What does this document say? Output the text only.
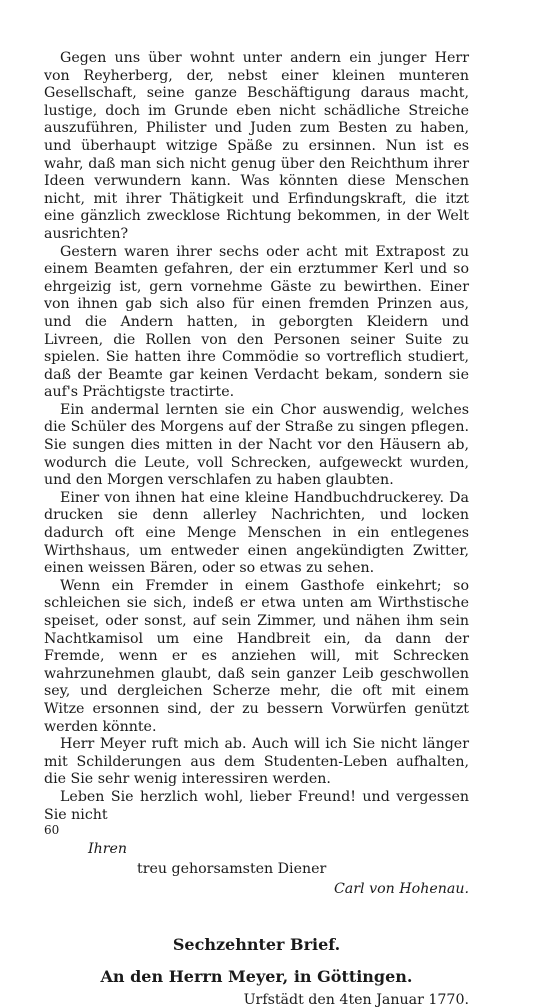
Gegen uns über wohnt unter andern ein junger Herr von Reyherberg, der, nebst einer kleinen munteren Gesellschaft, seine ganze Beschäftigung daraus macht, lustige, doch im Grunde eben nicht schädliche Streiche auszuführen, Philister und Juden zum Besten zu haben, und überhaupt witzige Späße zu ersinnen. Nun ist es wahr, daß man sich nicht genug über den Reichthum ihrer Ideen verwundern kann. Was könnten diese Menschen nicht, mit ihrer Thätigkeit und Erfindungskraft, die itzt eine gänzlich zwecklose Richtung bekommen, in der Welt ausrichten?

Gestern waren ihrer sechs oder acht mit Extrapost zu einem Beamten gefahren, der ein erztummer Kerl und so ehrgeizig ist, gern vornehme Gäste zu bewirthen. Einer von ihnen gab sich also für einen fremden Prinzen aus, und die Andern hatten, in geborgten Kleidern und Livreen, die Rollen von den Personen seiner Suite zu spielen. Sie hatten ihre Commödie so vortreflich studiert, daß der Beamte gar keinen Verdacht bekam, sondern sie auf's Prächtigste tractirte.

Ein andermal lernten sie ein Chor auswendig, welches die Schüler des Morgens auf der Straße zu singen pflegen. Sie sungen dies mitten in der Nacht vor den Häusern ab, wodurch die Leute, voll Schrecken, aufgeweckt wurden, und den Morgen verschlafen zu haben glaubten.

Einer von ihnen hat eine kleine Handbuchdruckerey. Da drucken sie denn allerley Nachrichten, und locken dadurch oft eine Menge Menschen in ein entlegenes Wirthshaus, um entweder einen angekündigten Zwitter, einen weissen Bären, oder so etwas zu sehen.

Wenn ein Fremder in einem Gasthofe einkehrt; so schleichen sie sich, indeß er etwa unten am Wirthstische speiset, oder sonst, auf sein Zimmer, und nähen ihm sein Nachtkamisol um eine Handbreit ein, da dann der Fremde, wenn er es anziehen will, mit Schrecken wahrzunehmen glaubt, daß sein ganzer Leib geschwollen sey, und dergleichen Scherze mehr, die oft mit einem Witze ersonnen sind, der zu bessern Vorwürfen genützt werden könnte.

Herr Meyer ruft mich ab. Auch will ich Sie nicht länger mit Schilderungen aus dem Studenten-Leben aufhalten, die Sie sehr wenig interessiren werden.

Leben Sie herzlich wohl, lieber Freund! und vergessen Sie nicht

Ihren
treu gehorsamsten Diener
Carl von Hohenau.
Sechzehnter Brief.
An den Herrn Meyer, in Göttingen.
Urfstädt den 4ten Januar 1770.
60
